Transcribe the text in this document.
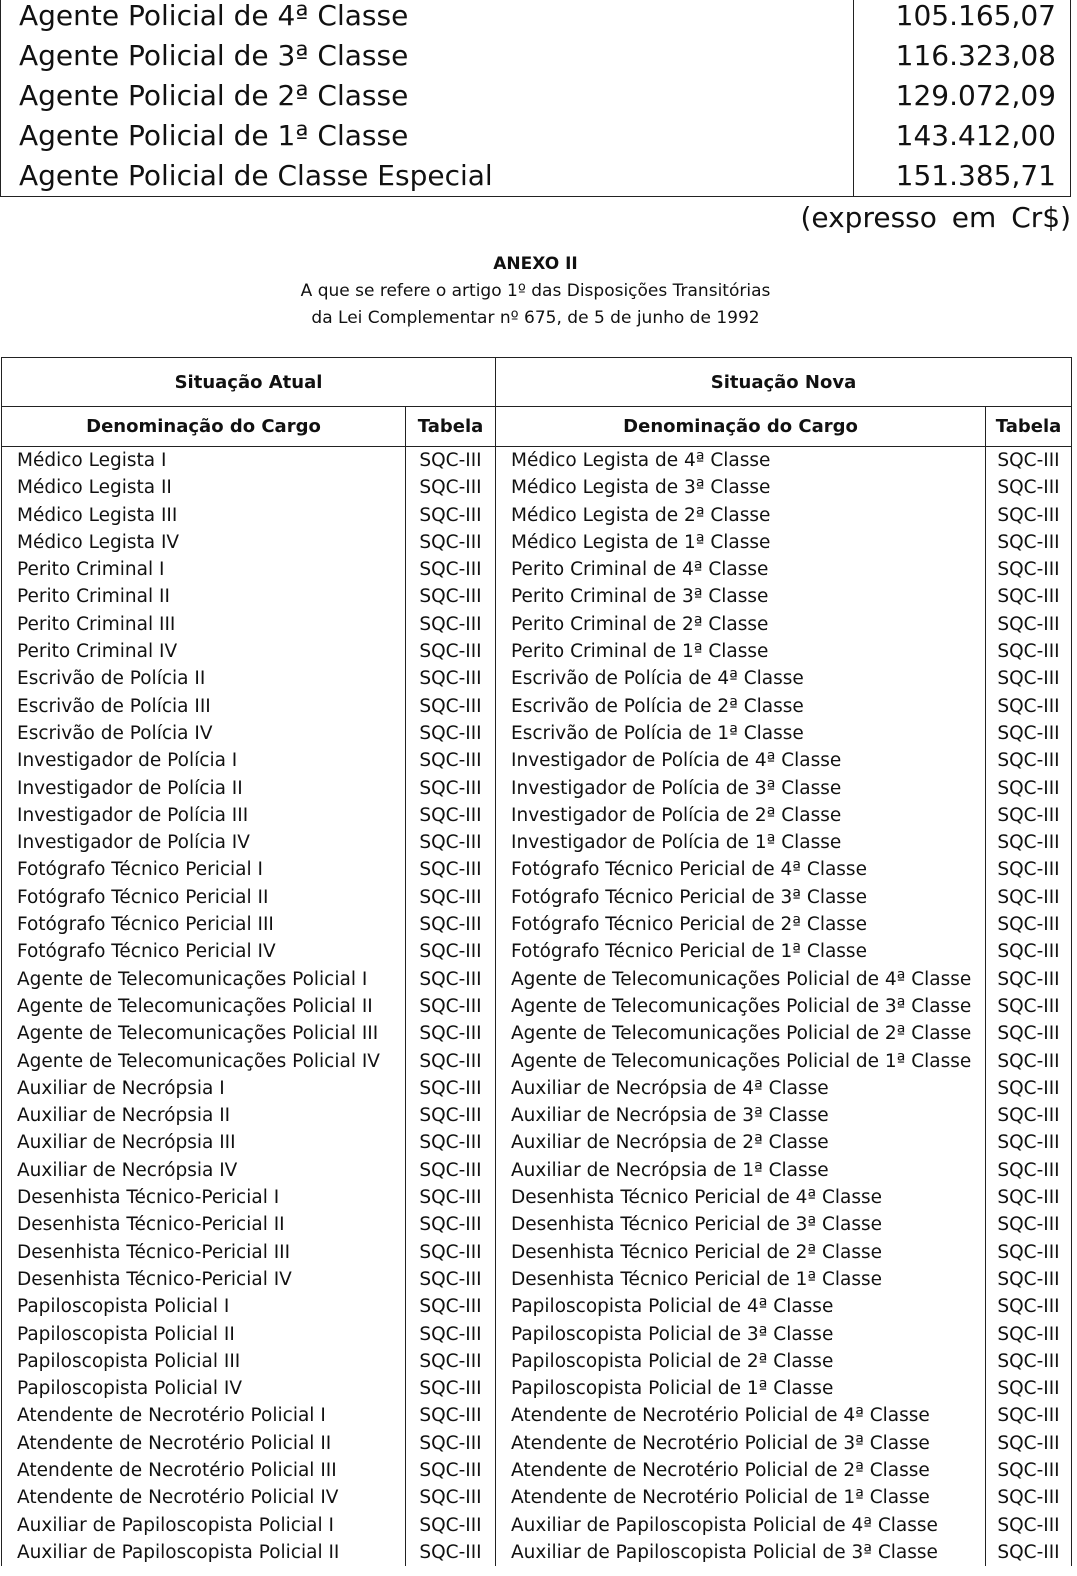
Agente Policial de 4ª Classe	105.165,07
Agente Policial de 3ª Classe	116.323,08
Agente Policial de 2ª Classe	129.072,09
Agente Policial de 1ª Classe	143.412,00
Agente Policial de Classe Especial	151.385,71
(expresso em Cr$)
ANEXO II
A que se refere o artigo 1º das Disposições Transitórias
da Lei Complementar nº 675, de 5 de junho de 1992
Situação Atual		Situação Nova	
Denominação do Cargo	Tabela	Denominação do Cargo	Tabela
Médico Legista I	SQC-III	Médico Legista de 4ª Classe	SQC-III
Médico Legista II	SQC-III	Médico Legista de 3ª Classe	SQC-III
Médico Legista III	SQC-III	Médico Legista de 2ª Classe	SQC-III
Médico Legista IV	SQC-III	Médico Legista de 1ª Classe	SQC-III
Perito Criminal I	SQC-III	Perito Criminal de 4ª Classe	SQC-III
Perito Criminal II	SQC-III	Perito Criminal de 3ª Classe	SQC-III
Perito Criminal III	SQC-III	Perito Criminal de 2ª Classe	SQC-III
Perito Criminal IV	SQC-III	Perito Criminal de 1ª Classe	SQC-III
Escrivão de Polícia II	SQC-III	Escrivão de Polícia de 4ª Classe	SQC-III
Escrivão de Polícia III	SQC-III	Escrivão de Polícia de 2ª Classe	SQC-III
Escrivão de Polícia IV	SQC-III	Escrivão de Polícia de 1ª Classe	SQC-III
Investigador de Polícia I	SQC-III	Investigador de Polícia de 4ª Classe	SQC-III
Investigador de Polícia II	SQC-III	Investigador de Polícia de 3ª Classe	SQC-III
Investigador de Polícia III	SQC-III	Investigador de Polícia de 2ª Classe	SQC-III
Investigador de Polícia IV	SQC-III	Investigador de Polícia de 1ª Classe	SQC-III
Fotógrafo Técnico Pericial I	SQC-III	Fotógrafo Técnico Pericial de 4ª Classe	SQC-III
Fotógrafo Técnico Pericial II	SQC-III	Fotógrafo Técnico Pericial de 3ª Classe	SQC-III
Fotógrafo Técnico Pericial III	SQC-III	Fotógrafo Técnico Pericial de 2ª Classe	SQC-III
Fotógrafo Técnico Pericial IV	SQC-III	Fotógrafo Técnico Pericial de 1ª Classe	SQC-III
Agente de Telecomunicações Policial I	SQC-III	Agente de Telecomunicações Policial de 4ª Classe	SQC-III
Agente de Telecomunicações Policial II	SQC-III	Agente de Telecomunicações Policial de 3ª Classe	SQC-III
Agente de Telecomunicações Policial III	SQC-III	Agente de Telecomunicações Policial de 2ª Classe	SQC-III
Agente de Telecomunicações Policial IV	SQC-III	Agente de Telecomunicações Policial de 1ª Classe	SQC-III
Auxiliar de Necrópsia I	SQC-III	Auxiliar de Necrópsia de 4ª Classe	SQC-III
Auxiliar de Necrópsia II	SQC-III	Auxiliar de Necrópsia de 3ª Classe	SQC-III
Auxiliar de Necrópsia III	SQC-III	Auxiliar de Necrópsia de 2ª Classe	SQC-III
Auxiliar de Necrópsia IV	SQC-III	Auxiliar de Necrópsia de 1ª Classe	SQC-III
Desenhista Técnico-Pericial I	SQC-III	Desenhista Técnico Pericial de 4ª Classe	SQC-III
Desenhista Técnico-Pericial II	SQC-III	Desenhista Técnico Pericial de 3ª Classe	SQC-III
Desenhista Técnico-Pericial III	SQC-III	Desenhista Técnico Pericial de 2ª Classe	SQC-III
Desenhista Técnico-Pericial IV	SQC-III	Desenhista Técnico Pericial de 1ª Classe	SQC-III
Papiloscopista Policial I	SQC-III	Papiloscopista Policial de 4ª Classe	SQC-III
Papiloscopista Policial II	SQC-III	Papiloscopista Policial de 3ª Classe	SQC-III
Papiloscopista Policial III	SQC-III	Papiloscopista Policial de 2ª Classe	SQC-III
Papiloscopista Policial IV	SQC-III	Papiloscopista Policial de 1ª Classe	SQC-III
Atendente de Necrotério Policial I	SQC-III	Atendente de Necrotério Policial de 4ª Classe	SQC-III
Atendente de Necrotério Policial II	SQC-III	Atendente de Necrotério Policial de 3ª Classe	SQC-III
Atendente de Necrotério Policial III	SQC-III	Atendente de Necrotério Policial de 2ª Classe	SQC-III
Atendente de Necrotério Policial IV	SQC-III	Atendente de Necrotério Policial de 1ª Classe	SQC-III
Auxiliar de Papiloscopista Policial I	SQC-III	Auxiliar de Papiloscopista Policial de 4ª Classe	SQC-III
Auxiliar de Papiloscopista Policial II	SQC-III	Auxiliar de Papiloscopista Policial de 3ª Classe	SQC-III
